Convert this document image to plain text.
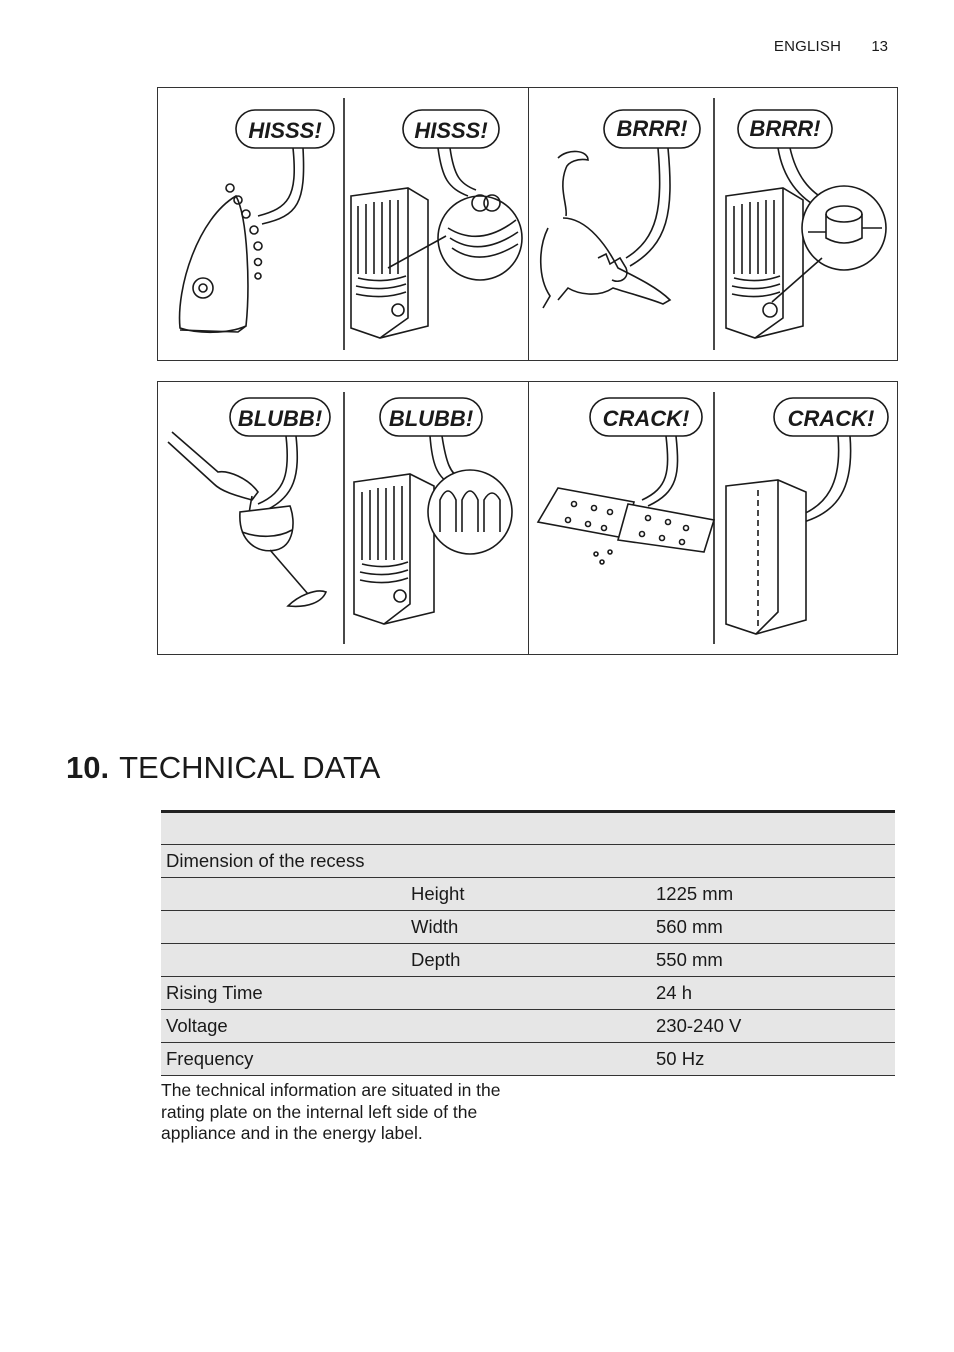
ENGLISH 13
HISSS!	HISSS!	BRRR!	BRRR!
BLUBB!	BLUBB!	CRACK!	CRACK!
10. TECHNICAL DATA

Dimension of the recess		
	Height	1225 mm
	Width	560 mm
	Depth	550 mm
Rising Time		24 h
Voltage		230-240 V
Frequency		50 Hz

The technical information are situated in the rating plate on the internal left side of the appliance and in the energy label.
